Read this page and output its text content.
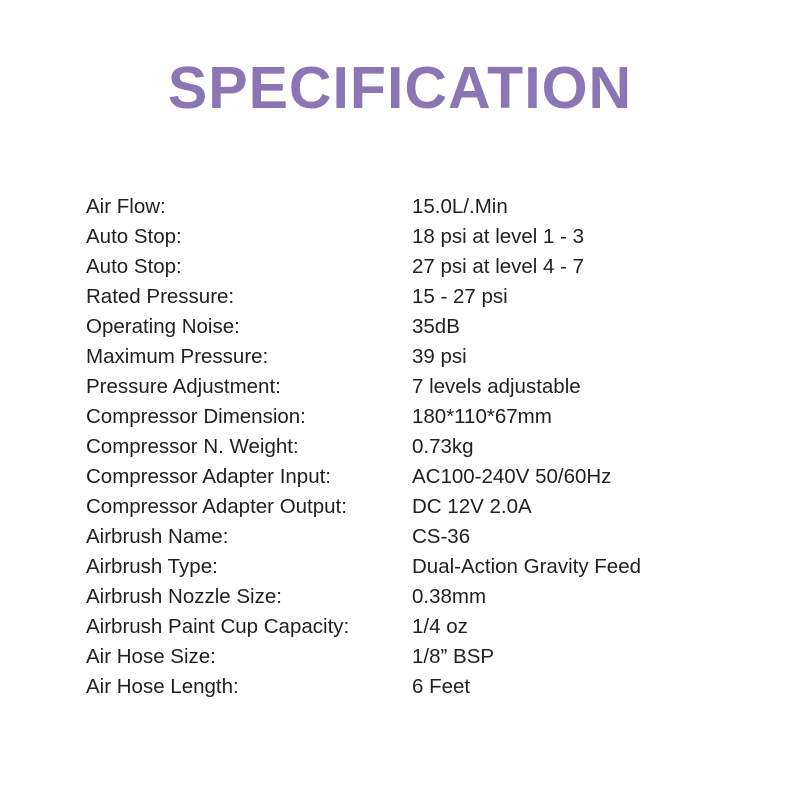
SPECIFICATION
Air Flow:	15.0L/.Min
Auto Stop:	18 psi at level 1 - 3
Auto Stop:	27 psi at level 4 - 7
Rated Pressure:	15 - 27 psi
Operating Noise:	35dB
Maximum Pressure:	39 psi
Pressure Adjustment:	7 levels adjustable
Compressor Dimension:	180*110*67mm
Compressor N. Weight:	0.73kg
Compressor Adapter Input:	AC100-240V 50/60Hz
Compressor Adapter Output:	DC 12V 2.0A
Airbrush Name:	CS-36
Airbrush Type:	Dual-Action Gravity Feed
Airbrush Nozzle Size:	0.38mm
Airbrush Paint Cup Capacity:	1/4 oz
Air Hose Size:	1/8” BSP
Air Hose Length:	6 Feet
